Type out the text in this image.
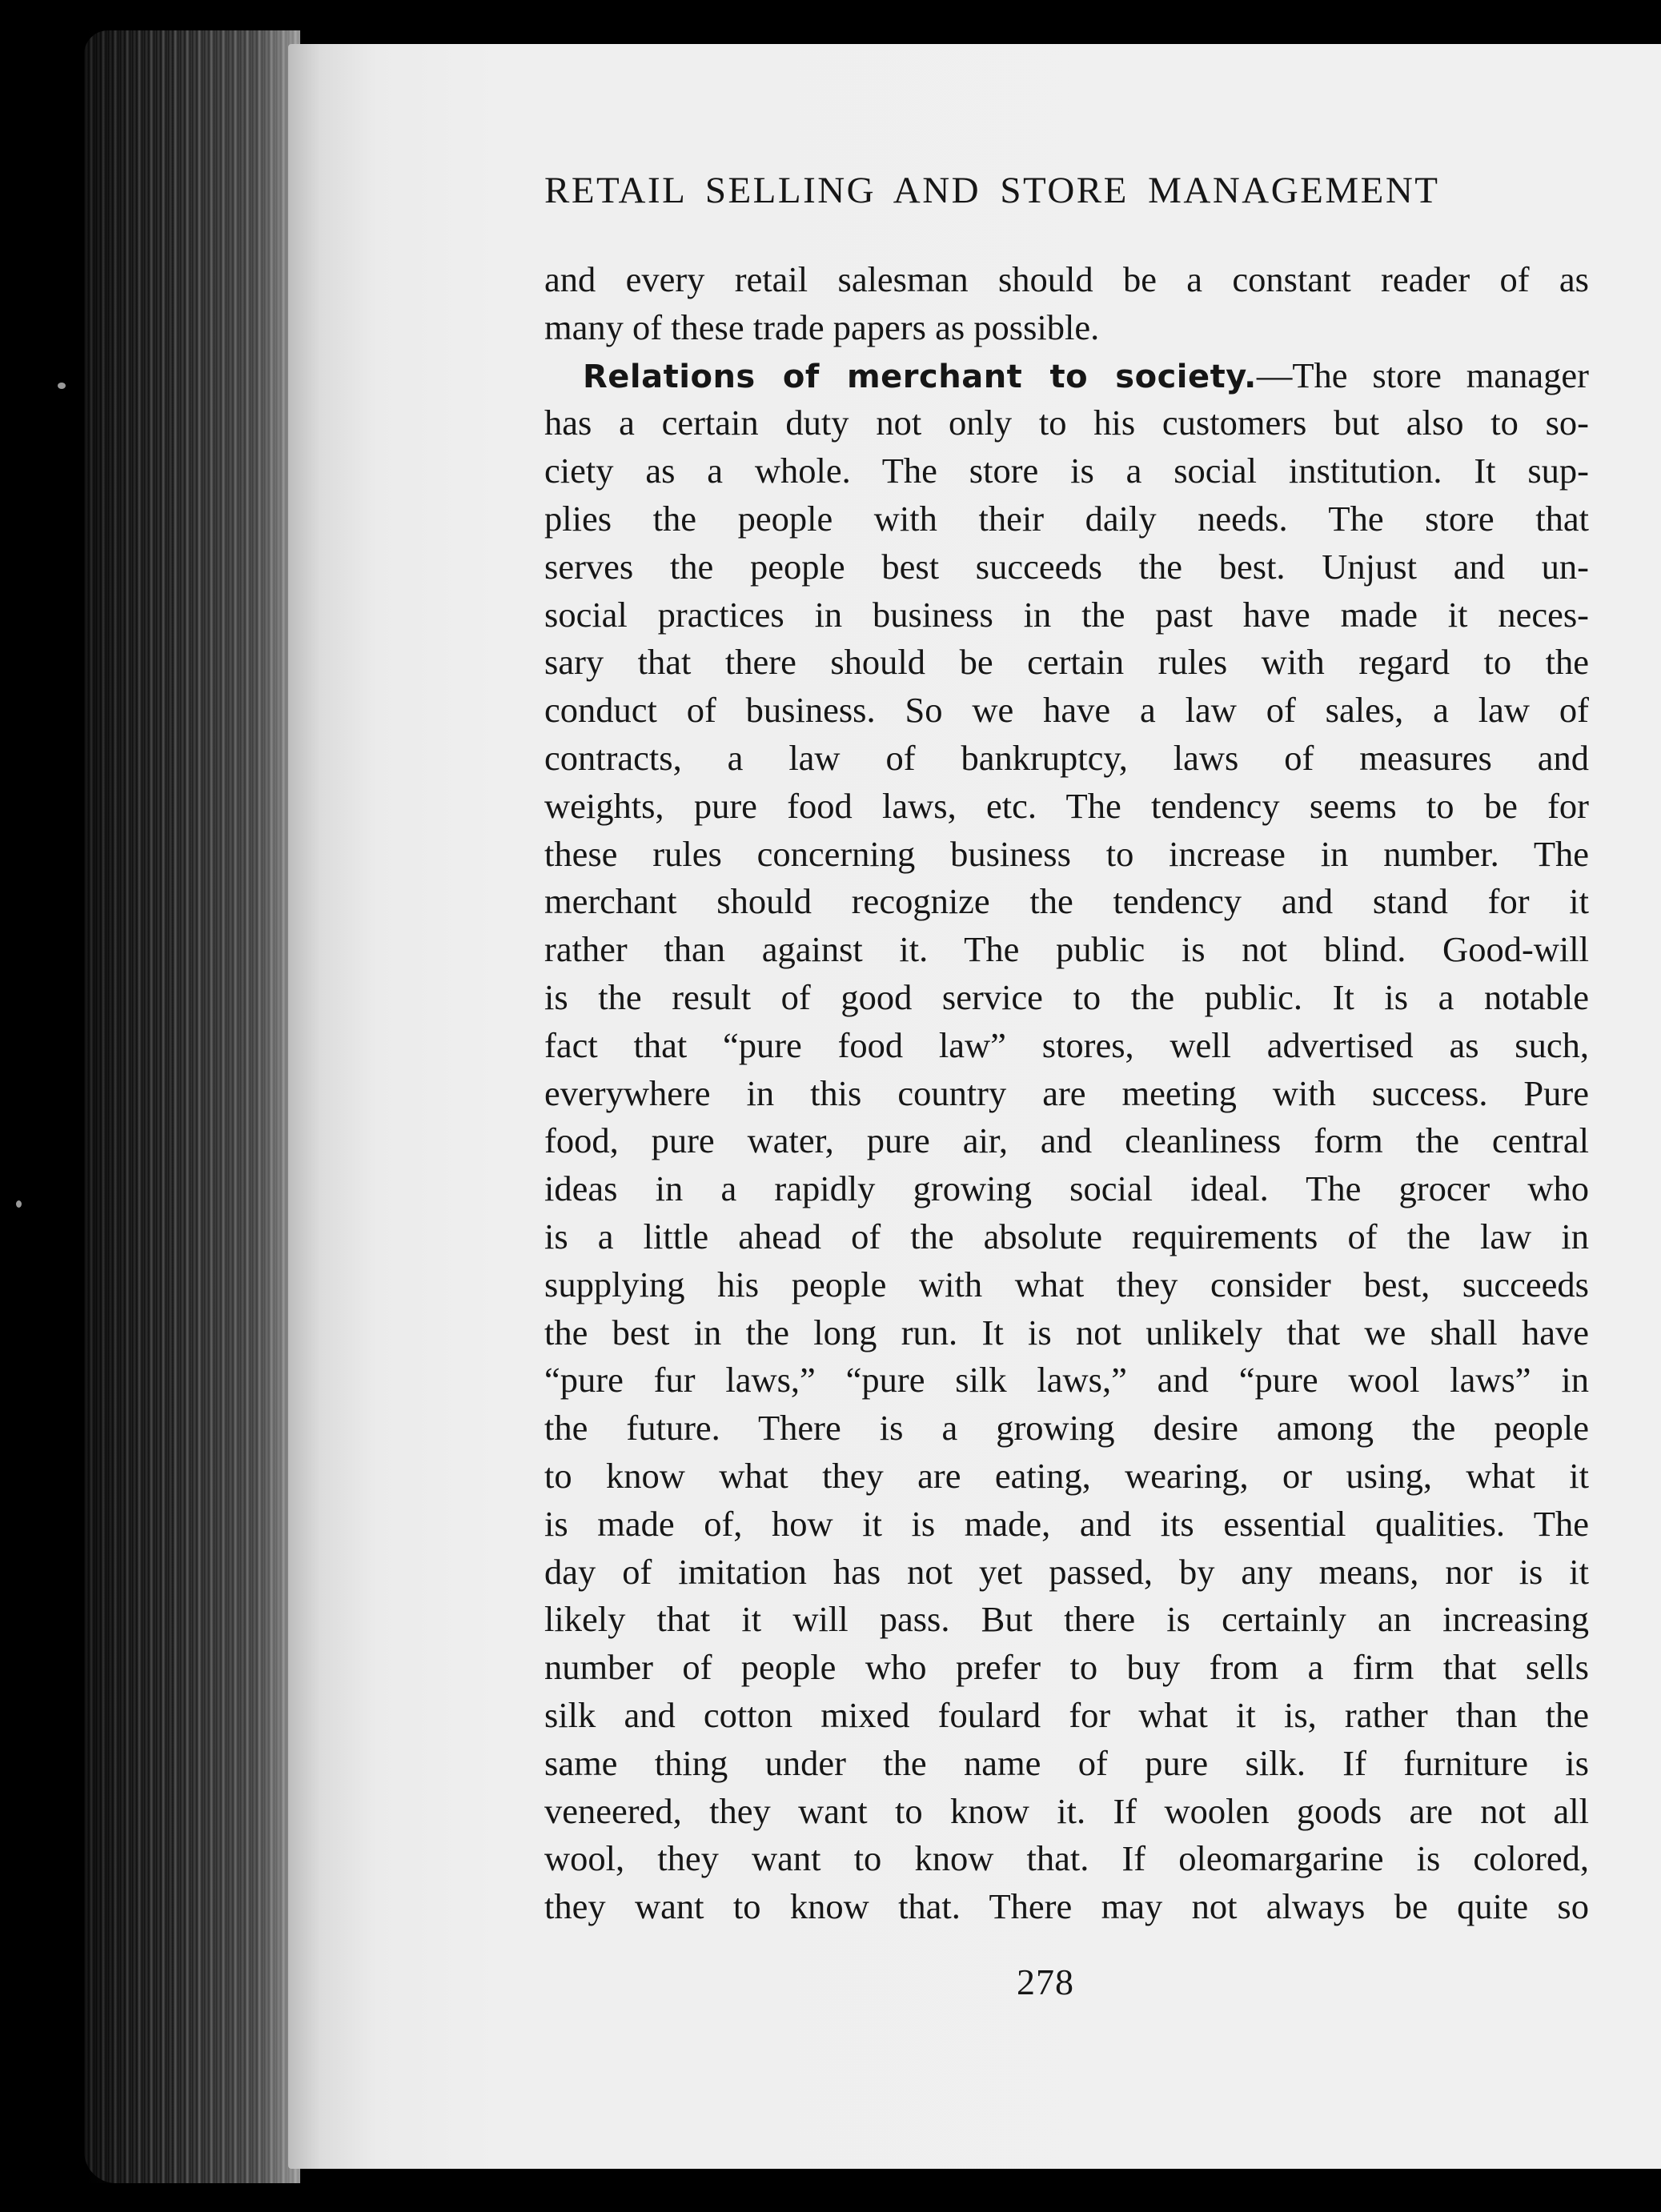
RETAIL SELLING AND STORE MANAGEMENT
and every retail salesman should be a constant reader of as
many of these trade papers as possible.
Relations of merchant to society.—The store manager
has a certain duty not only to his customers but also to so-
ciety as a whole. The store is a social institution. It sup-
plies the people with their daily needs. The store that
serves the people best succeeds the best. Unjust and un-
social practices in business in the past have made it neces-
sary that there should be certain rules with regard to the
conduct of business. So we have a law of sales, a law of
contracts, a law of bankruptcy, laws of measures and
weights, pure food laws, etc. The tendency seems to be for
these rules concerning business to increase in number. The
merchant should recognize the tendency and stand for it
rather than against it. The public is not blind. Good-will
is the result of good service to the public. It is a notable
fact that “pure food law” stores, well advertised as such,
everywhere in this country are meeting with success. Pure
food, pure water, pure air, and cleanliness form the central
ideas in a rapidly growing social ideal. The grocer who
is a little ahead of the absolute requirements of the law in
supplying his people with what they consider best, succeeds
the best in the long run. It is not unlikely that we shall have
“pure fur laws,” “pure silk laws,” and “pure wool laws” in
the future. There is a growing desire among the people
to know what they are eating, wearing, or using, what it
is made of, how it is made, and its essential qualities. The
day of imitation has not yet passed, by any means, nor is it
likely that it will pass. But there is certainly an increasing
number of people who prefer to buy from a firm that sells
silk and cotton mixed foulard for what it is, rather than the
same thing under the name of pure silk. If furniture is
veneered, they want to know it. If woolen goods are not all
wool, they want to know that. If oleomargarine is colored,
they want to know that. There may not always be quite so
278
